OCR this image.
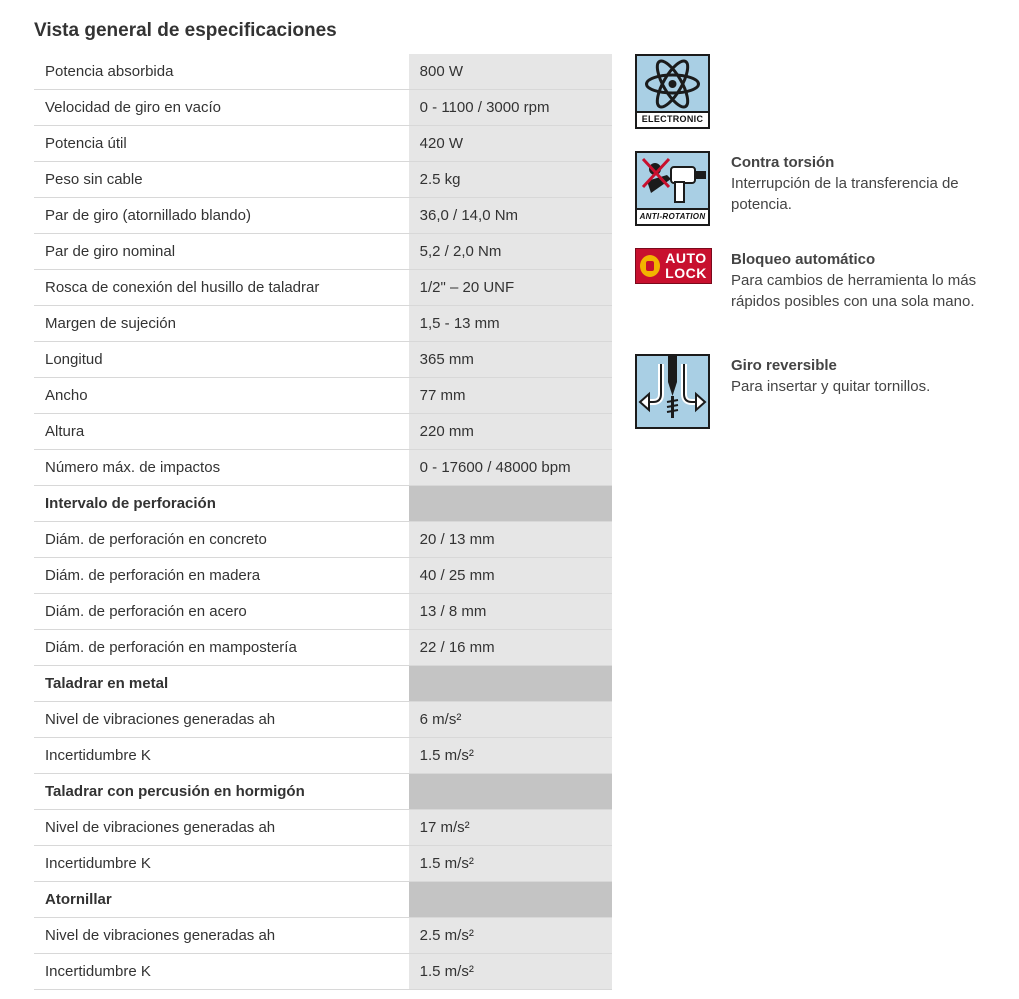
Vista general de especificaciones
Potencia absorbida	800 W
Velocidad de giro en vacío	0 - 1100 / 3000 rpm
Potencia útil	420 W
Peso sin cable	2.5 kg
Par de giro (atornillado blando)	36,0 / 14,0 Nm
Par de giro nominal	5,2 / 2,0 Nm
Rosca de conexión del husillo de taladrar	1/2" – 20 UNF
Margen de sujeción	1,5 - 13 mm
Longitud	365 mm
Ancho	77 mm
Altura	220 mm
Número máx. de impactos	0 - 17600 / 48000 bpm
Intervalo de perforación	
Diám. de perforación en concreto	20 / 13 mm
Diám. de perforación en madera	40 / 25 mm
Diám. de perforación en acero	13 / 8 mm
Diám. de perforación en mampostería	22 / 16 mm
Taladrar en metal	
Nivel de vibraciones generadas ah	6 m/s²
Incertidumbre K	1.5 m/s²
Taladrar con percusión en hormigón	
Nivel de vibraciones generadas ah	17 m/s²
Incertidumbre K	1.5 m/s²
Atornillar	
Nivel de vibraciones generadas ah	2.5 m/s²
Incertidumbre K	1.5 m/s²
ELECTRONIC
ANTI-ROTATION
Contra torsión
Interrupción de la transferencia de potencia.
AUTO
LOCK
Bloqueo automático
Para cambios de herramienta lo más rápidos posibles con una sola mano.
Giro reversible
Para insertar y quitar tornillos.
